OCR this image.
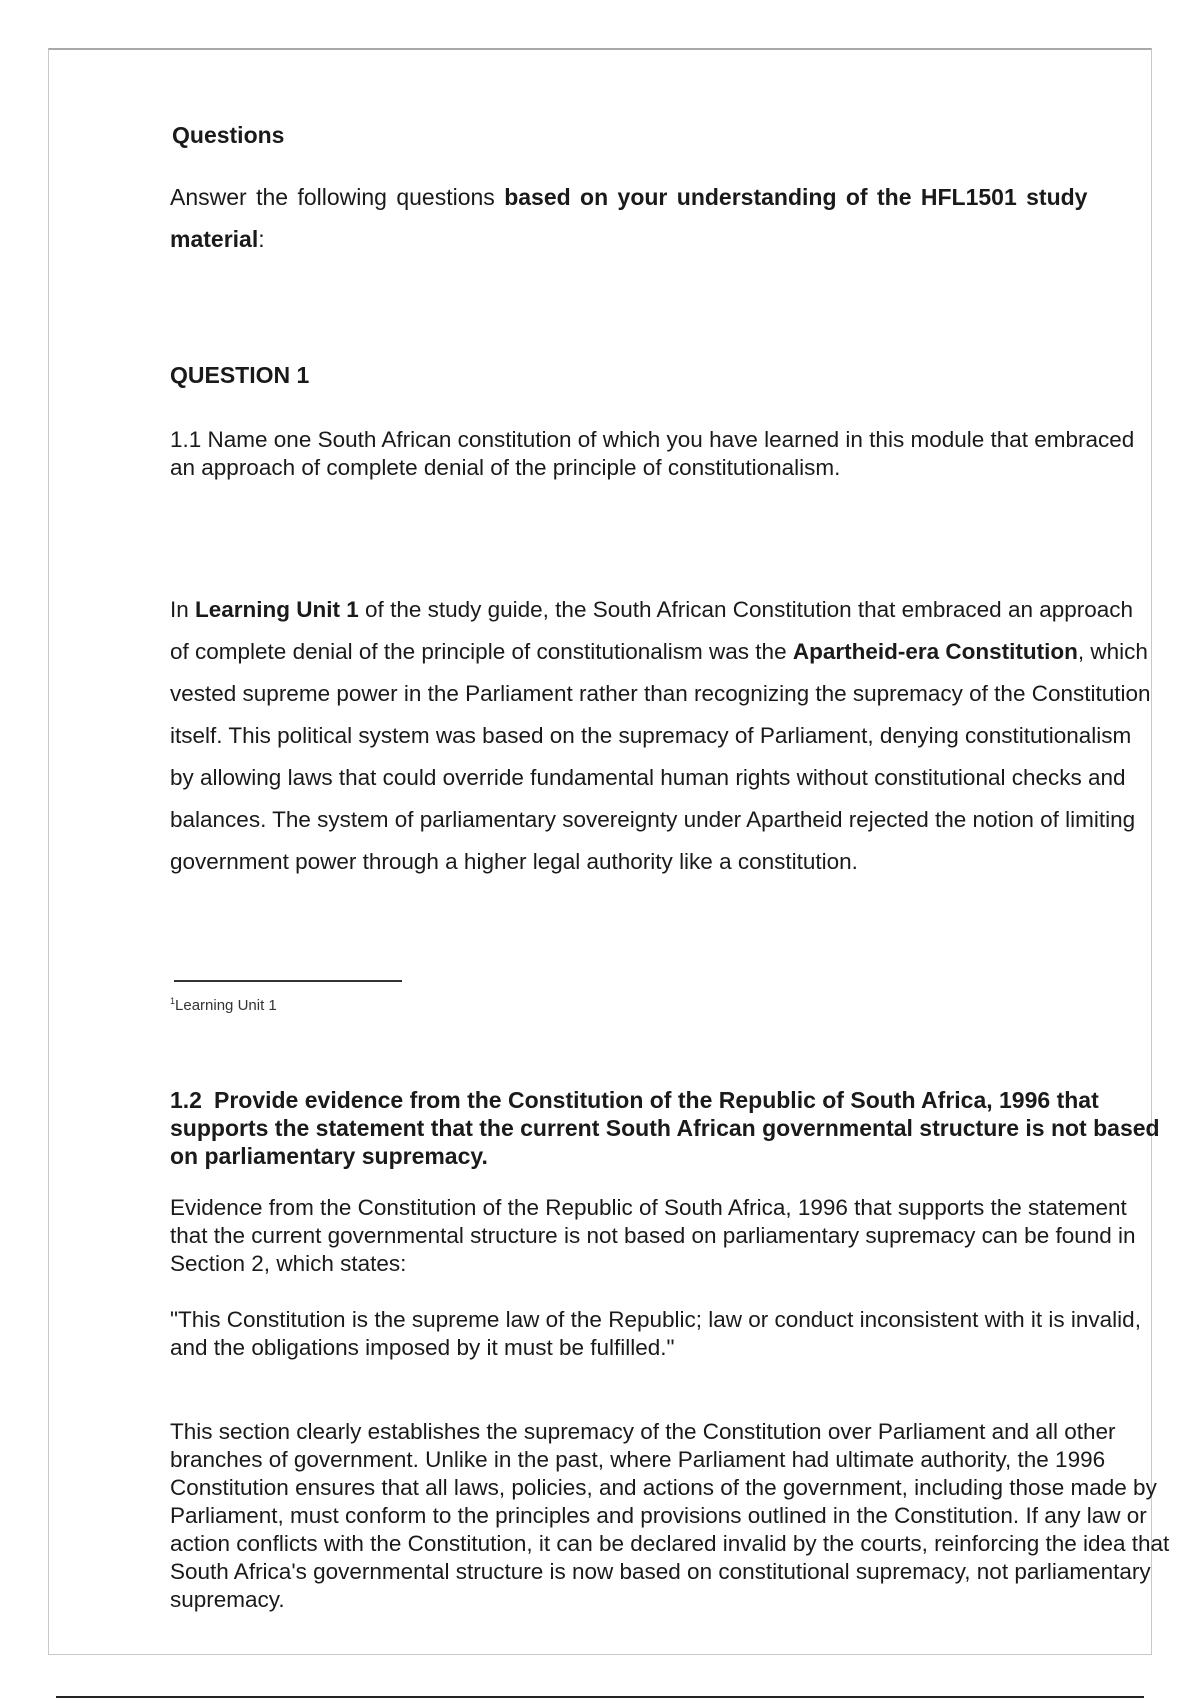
Questions

Answer the following questions based on your understanding of the HFL1501 study material:

QUESTION 1

1.1 Name one South African constitution of which you have learned in this module that embraced an approach of complete denial of the principle of constitutionalism.

In Learning Unit 1 of the study guide, the South African Constitution that embraced an approach of complete denial of the principle of constitutionalism was the Apartheid-era Constitution, which vested supreme power in the Parliament rather than recognizing the supremacy of the Constitution itself. This political system was based on the supremacy of Parliament, denying constitutionalism by allowing laws that could override fundamental human rights without constitutional checks and balances. The system of parliamentary sovereignty under Apartheid rejected the notion of limiting government power through a higher legal authority like a constitution.

$^1$Learning Unit 1

1.2 Provide evidence from the Constitution of the Republic of South Africa, 1996 that supports the statement that the current South African governmental structure is not based on parliamentary supremacy.

Evidence from the Constitution of the Republic of South Africa, 1996 that supports the statement that the current governmental structure is not based on parliamentary supremacy can be found in Section 2, which states:

"This Constitution is the supreme law of the Republic; law or conduct inconsistent with it is invalid, and the obligations imposed by it must be fulfilled."

This section clearly establishes the supremacy of the Constitution over Parliament and all other branches of government. Unlike in the past, where Parliament had ultimate authority, the 1996 Constitution ensures that all laws, policies, and actions of the government, including those made by Parliament, must conform to the principles and provisions outlined in the Constitution. If any law or action conflicts with the Constitution, it can be declared invalid by the courts, reinforcing the idea that South Africa's governmental structure is now based on constitutional supremacy, not parliamentary supremacy.
